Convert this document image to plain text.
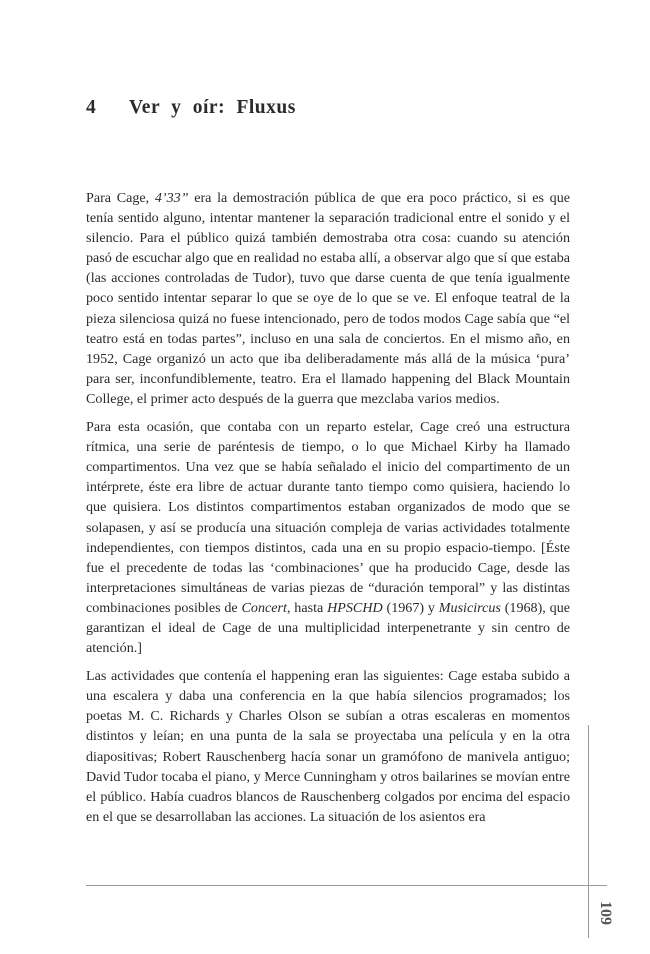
4 Ver y oír: Fluxus

Para Cage, 4’33” era la demostración pública de que era poco práctico, si es que tenía sentido alguno, intentar mantener la separación tradicional entre el sonido y el silencio. Para el público quizá también demostraba otra cosa: cuando su atención pasó de escuchar algo que en realidad no estaba allí, a observar algo que sí que estaba (las acciones controladas de Tudor), tuvo que darse cuenta de que tenía igualmente poco sentido intentar separar lo que se oye de lo que se ve. El enfoque teatral de la pieza silenciosa quizá no fuese intencionado, pero de todos modos Cage sabía que “el teatro está en todas partes”, incluso en una sala de conciertos. En el mismo año, en 1952, Cage organizó un acto que iba deliberadamente más allá de la música ‘pura’ para ser, inconfundiblemente, teatro. Era el llamado happening del Black Mountain College, el primer acto después de la guerra que mezclaba varios medios.

Para esta ocasión, que contaba con un reparto estelar, Cage creó una estructura rítmica, una serie de paréntesis de tiempo, o lo que Michael Kirby ha llamado compartimentos. Una vez que se había señalado el inicio del compartimento de un intérprete, éste era libre de actuar durante tanto tiempo como quisiera, haciendo lo que quisiera. Los distintos compartimentos estaban organizados de modo que se solapasen, y así se producía una situación compleja de varias actividades totalmente independientes, con tiempos distintos, cada una en su propio espacio-tiempo. [Éste fue el precedente de todas las ‘combinaciones’ que ha producido Cage, desde las interpretaciones simultáneas de varias piezas de “duración temporal” y las distintas combinaciones posibles de Concert, hasta HPSCHD (1967) y Musicircus (1968), que garantizan el ideal de Cage de una multiplicidad interpenetrante y sin centro de atención.]

Las actividades que contenía el happening eran las siguientes: Cage estaba subido a una escalera y daba una conferencia en la que había silencios programados; los poetas M. C. Richards y Charles Olson se subían a otras escaleras en momentos distintos y leían; en una punta de la sala se proyectaba una película y en la otra diapositivas; Robert Rauschenberg hacía sonar un gramófono de manivela antiguo; David Tudor tocaba el piano, y Merce Cunningham y otros bailarines se movían entre el público. Había cuadros blancos de Rauschenberg colgados por encima del espacio en el que se desarrollaban las acciones. La situación de los asientos era

109
